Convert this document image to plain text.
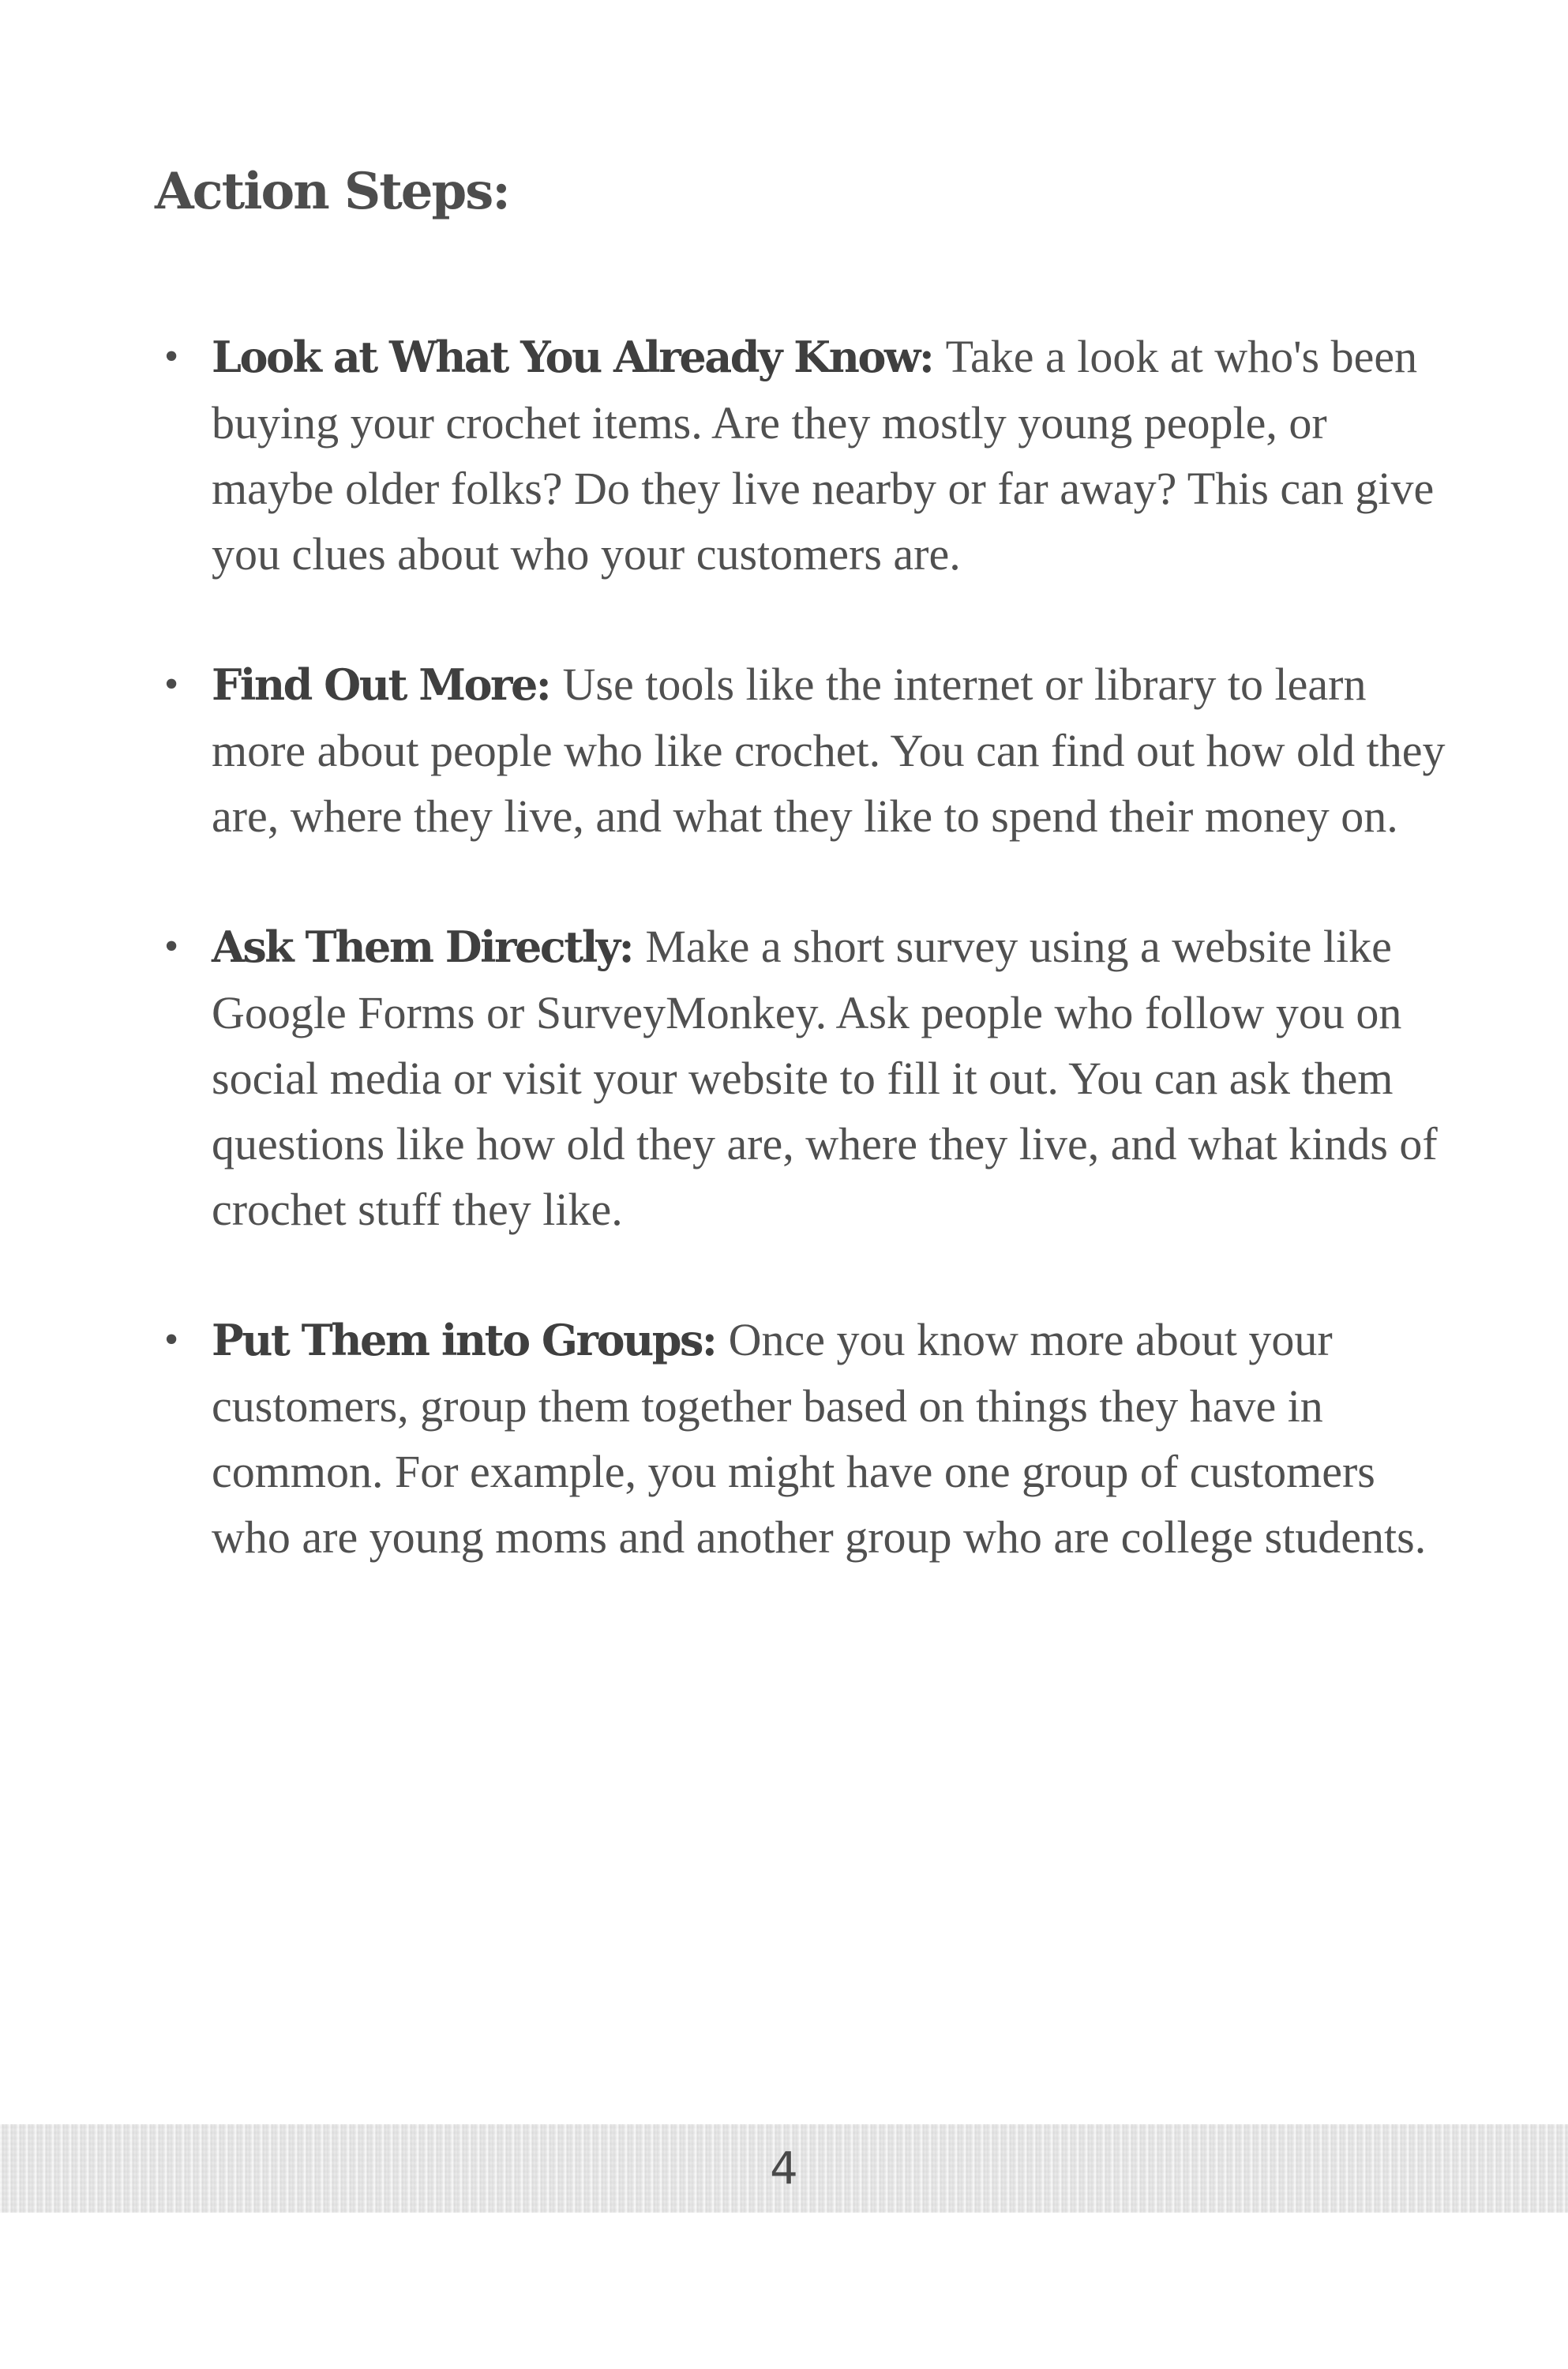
Action Steps:
• Look at What You Already Know: Take a look at who's been buying your crochet items. Are they mostly young people, or maybe older folks? Do they live nearby or far away? This can give you clues about who your customers are.
• Find Out More: Use tools like the internet or library to learn more about people who like crochet. You can find out how old they are, where they live, and what they like to spend their money on.
• Ask Them Directly: Make a short survey using a website like Google Forms or SurveyMonkey. Ask people who follow you on social media or visit your website to fill it out. You can ask them questions like how old they are, where they live, and what kinds of crochet stuff they like.
• Put Them into Groups: Once you know more about your customers, group them together based on things they have in common. For example, you might have one group of customers who are young moms and another group who are college students.
4
